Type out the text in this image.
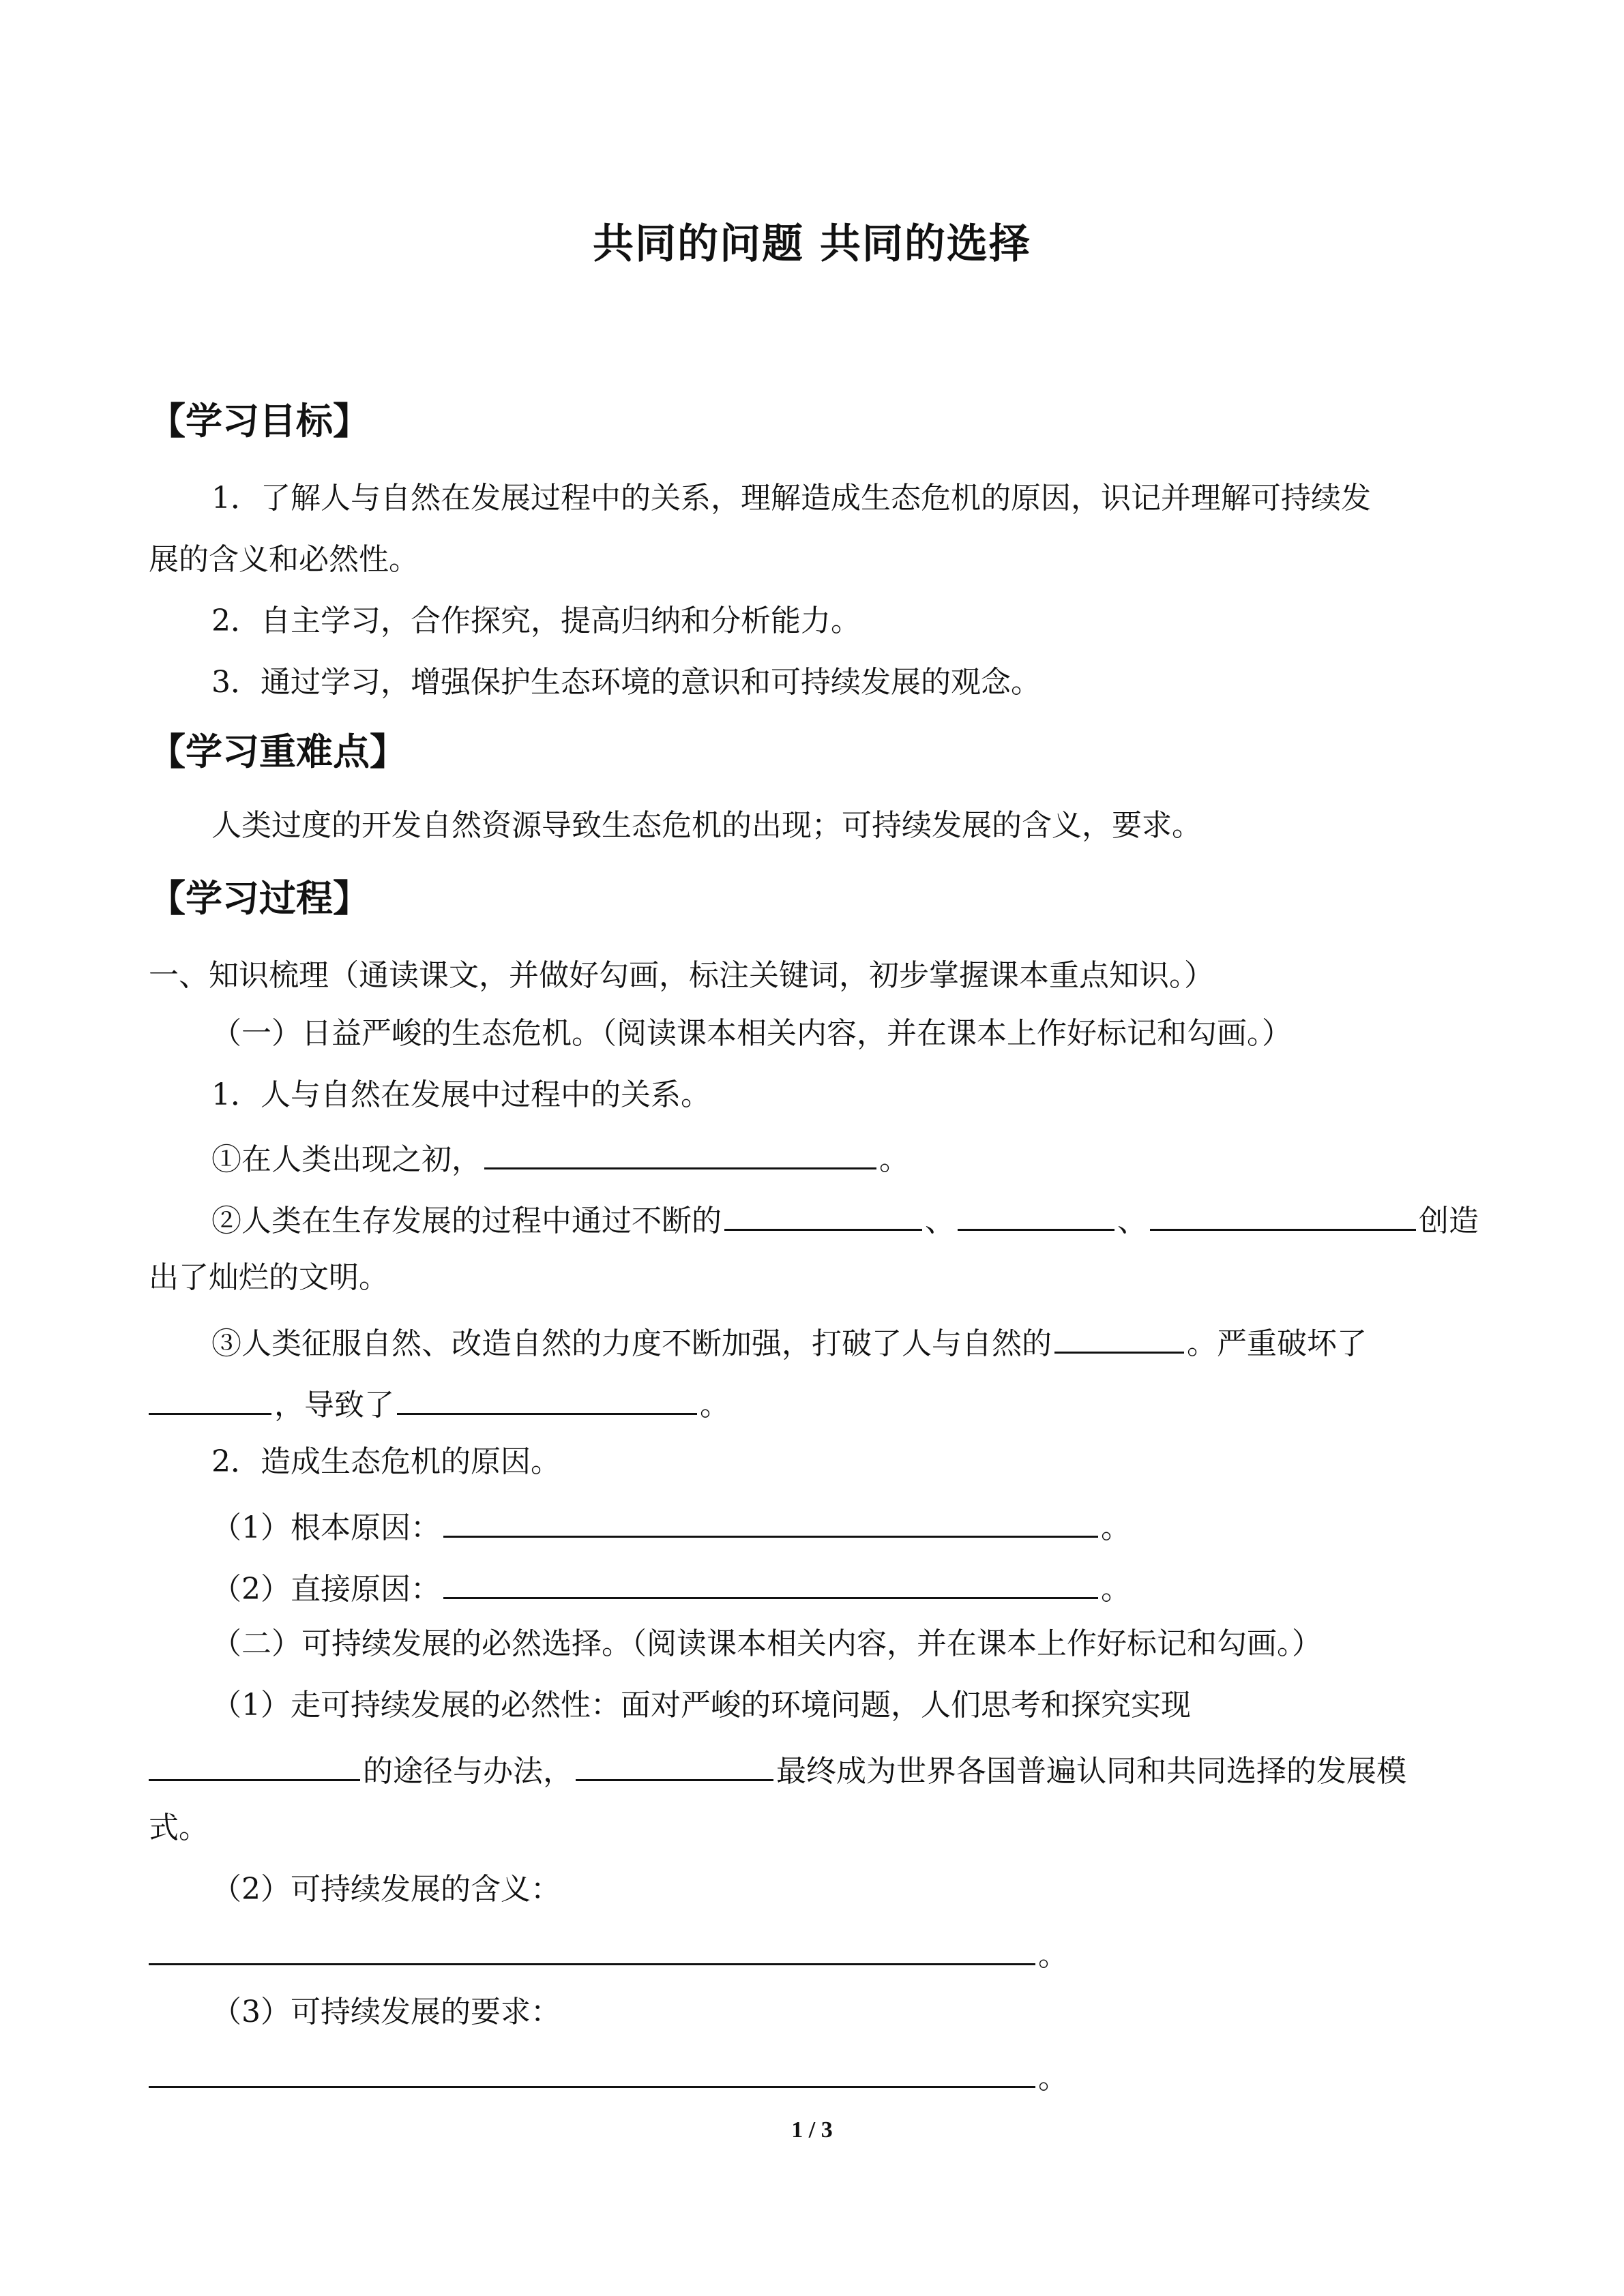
共同的问题 共同的选择
【学习目标】
1．了解人与自然在发展过程中的关系，理解造成生态危机的原因，识记并理解可持续发
展的含义和必然性。
2．自主学习，合作探究，提高归纳和分析能力。
3．通过学习，增强保护生态环境的意识和可持续发展的观念。
【学习重难点】
人类过度的开发自然资源导致生态危机的出现；可持续发展的含义，要求。
【学习过程】
一、知识梳理（通读课文，并做好勾画，标注关键词，初步掌握课本重点知识。）
（一）日益严峻的生态危机。（阅读课本相关内容，并在课本上作好标记和勾画。）
1．人与自然在发展中过程中的关系。
①在人类出现之初，	。
②人类在生存发展的过程中通过不断的	、	、	创造
出了灿烂的文明。
③人类征服自然、改造自然的力度不断加强，打破了人与自然的	。严重破坏了
，导致了	。
2．造成生态危机的原因。
（1）根本原因：	。
（2）直接原因：	。
（二）可持续发展的必然选择。（阅读课本相关内容，并在课本上作好标记和勾画。）
（1）走可持续发展的必然性：面对严峻的环境问题，人们思考和探究实现
的途径与办法，	最终成为世界各国普遍认同和共同选择的发展模
式。
（2）可持续发展的含义：
。
（3）可持续发展的要求：
。
1 / 3
